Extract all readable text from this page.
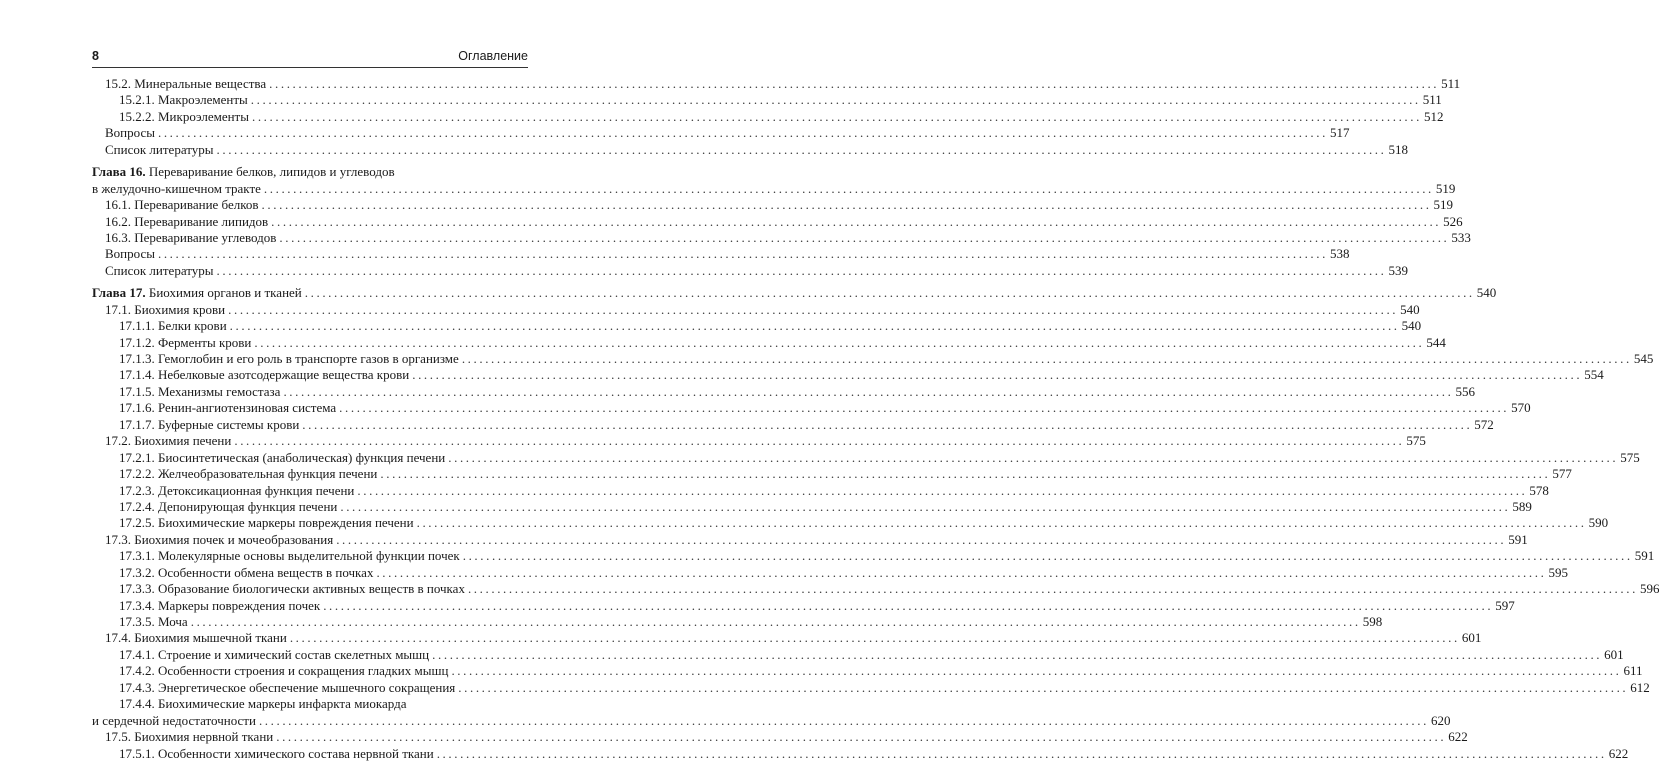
8	Оглавление
15.2. Минеральные вещества ........................................................................................................................................................................................................ 511
15.2.1. Макроэлементы ........................................................................................................................................................................................................ 511
15.2.2. Микроэлементы ........................................................................................................................................................................................................ 512
Вопросы ........................................................................................................................................................................................................ 517
Список литературы ........................................................................................................................................................................................................ 518
Глава 16. Переваривание белков, липидов и углеводов
в желудочно-кишечном тракте ........................................................................................................................................................................................................ 519
16.1. Переваривание белков ........................................................................................................................................................................................................ 519
16.2. Переваривание липидов ........................................................................................................................................................................................................ 526
16.3. Переваривание углеводов ........................................................................................................................................................................................................ 533
Вопросы ........................................................................................................................................................................................................ 538
Список литературы ........................................................................................................................................................................................................ 539
Глава 17. Биохимия органов и тканей ........................................................................................................................................................................................................ 540
17.1. Биохимия крови ........................................................................................................................................................................................................ 540
17.1.1. Белки крови ........................................................................................................................................................................................................ 540
17.1.2. Ферменты крови ........................................................................................................................................................................................................ 544
17.1.3. Гемоглобин и его роль в транспорте газов в организме ........................................................................................................................................................................................................ 545
17.1.4. Небелковые азотсодержащие вещества крови ........................................................................................................................................................................................................ 554
17.1.5. Механизмы гемостаза ........................................................................................................................................................................................................ 556
17.1.6. Ренин-ангиотензиновая система ........................................................................................................................................................................................................ 570
17.1.7. Буферные системы крови ........................................................................................................................................................................................................ 572
17.2. Биохимия печени ........................................................................................................................................................................................................ 575
17.2.1. Биосинтетическая (анаболическая) функция печени ........................................................................................................................................................................................................ 575
17.2.2. Желчеобразовательная функция печени ........................................................................................................................................................................................................ 577
17.2.3. Детоксикационная функция печени ........................................................................................................................................................................................................ 578
17.2.4. Депонирующая функция печени ........................................................................................................................................................................................................ 589
17.2.5. Биохимические маркеры повреждения печени ........................................................................................................................................................................................................ 590
17.3. Биохимия почек и мочеобразования ........................................................................................................................................................................................................ 591
17.3.1. Молекулярные основы выделительной функции почек ........................................................................................................................................................................................................ 591
17.3.2. Особенности обмена веществ в почках ........................................................................................................................................................................................................ 595
17.3.3. Образование биологически активных веществ в почках ........................................................................................................................................................................................................ 596
17.3.4. Маркеры повреждения почек ........................................................................................................................................................................................................ 597
17.3.5. Моча ........................................................................................................................................................................................................ 598
17.4. Биохимия мышечной ткани ........................................................................................................................................................................................................ 601
17.4.1. Строение и химический состав скелетных мышц ........................................................................................................................................................................................................ 601
17.4.2. Особенности строения и сокращения гладких мышц ........................................................................................................................................................................................................ 611
17.4.3. Энергетическое обеспечение мышечного сокращения ........................................................................................................................................................................................................ 612
17.4.4. Биохимические маркеры инфаркта миокарда
и сердечной недостаточности ........................................................................................................................................................................................................ 620
17.5. Биохимия нервной ткани ........................................................................................................................................................................................................ 622
17.5.1. Особенности химического состава нервной ткани ........................................................................................................................................................................................................ 622
